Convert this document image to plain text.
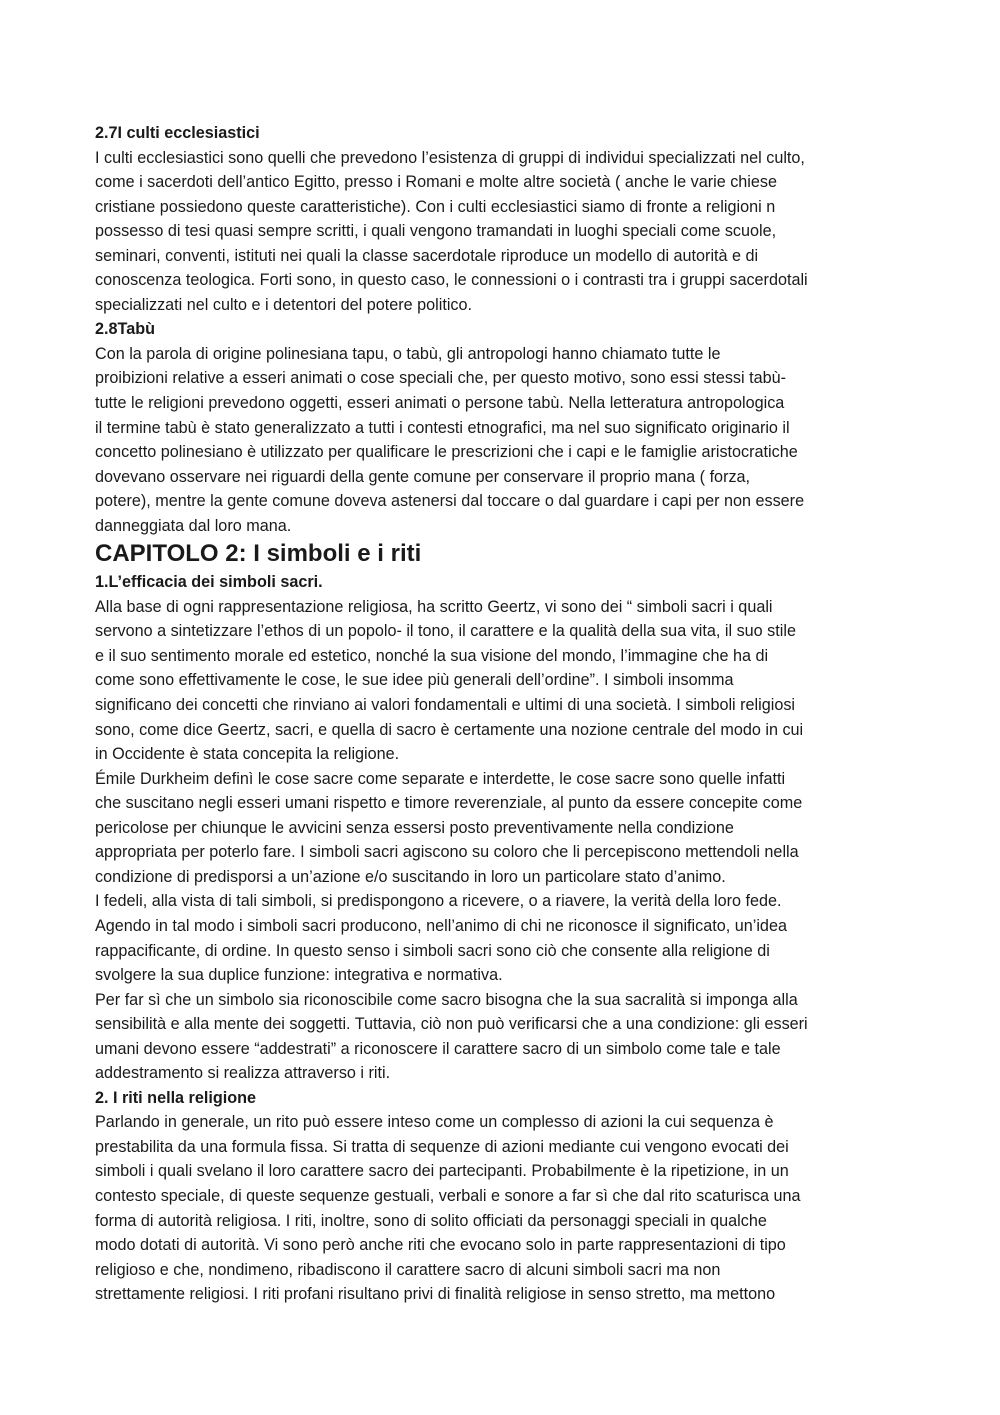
2.7I culti ecclesiastici
I culti ecclesiastici sono quelli che prevedono l’esistenza di gruppi di individui specializzati nel culto,
come i sacerdoti dell’antico Egitto, presso i Romani e molte altre società ( anche le varie chiese
cristiane possiedono queste caratteristiche). Con i culti ecclesiastici siamo di fronte a religioni n
possesso di tesi quasi sempre scritti, i quali vengono tramandati in luoghi speciali come scuole,
seminari, conventi, istituti nei quali la classe sacerdotale riproduce un modello di autorità e di
conoscenza teologica. Forti sono, in questo caso, le connessioni o i contrasti tra i gruppi sacerdotali
specializzati nel culto e i detentori del potere politico.
2.8Tabù
Con la parola di origine polinesiana tapu, o tabù, gli antropologi hanno chiamato tutte le
proibizioni relative a esseri animati o cose speciali che, per questo motivo, sono essi stessi tabù-
tutte le religioni prevedono oggetti, esseri animati o persone tabù. Nella letteratura antropologica
il termine tabù è stato generalizzato a tutti i contesti etnografici, ma nel suo significato originario il
concetto polinesiano è utilizzato per qualificare le prescrizioni che i capi e le famiglie aristocratiche
dovevano osservare nei riguardi della gente comune per conservare il proprio mana ( forza,
potere), mentre la gente comune doveva astenersi dal toccare o dal guardare i capi per non essere
danneggiata dal loro mana.
CAPITOLO 2: I simboli e i riti
1.L’efficacia dei simboli sacri.
Alla base di ogni rappresentazione religiosa, ha scritto Geertz, vi sono dei “ simboli sacri i quali
servono a sintetizzare l’ethos di un popolo- il tono, il carattere e la qualità della sua vita, il suo stile
e il suo sentimento morale ed estetico, nonché la sua visione del mondo, l’immagine che ha di
come sono effettivamente le cose, le sue idee più generali dell’ordine”. I simboli insomma
significano dei concetti che rinviano ai valori fondamentali e ultimi di una società. I simboli religiosi
sono, come dice Geertz, sacri, e quella di sacro è certamente una nozione centrale del modo in cui
in Occidente è stata concepita la religione.
Émile Durkheim definì le cose sacre come separate e interdette, le cose sacre sono quelle infatti
che suscitano negli esseri umani rispetto e timore reverenziale, al punto da essere concepite come
pericolose per chiunque le avvicini senza essersi posto preventivamente nella condizione
appropriata per poterlo fare. I simboli sacri agiscono su coloro che li percepiscono mettendoli nella
condizione di predisporsi a un’azione e/o suscitando in loro un particolare stato d’animo.
I fedeli, alla vista di tali simboli, si predispongono a ricevere, o a riavere, la verità della loro fede.
Agendo in tal modo i simboli sacri producono, nell’animo di chi ne riconosce il significato, un’idea
rappacificante, di ordine. In questo senso i simboli sacri sono ciò che consente alla religione di
svolgere la sua duplice funzione: integrativa e normativa.
Per far sì che un simbolo sia riconoscibile come sacro bisogna che la sua sacralità si imponga alla
sensibilità e alla mente dei soggetti. Tuttavia, ciò non può verificarsi che a una condizione: gli esseri
umani devono essere “addestrati” a riconoscere il carattere sacro di un simbolo come tale e tale
addestramento si realizza attraverso i riti.
2. I riti nella religione
Parlando in generale, un rito può essere inteso come un complesso di azioni la cui sequenza è
prestabilita da una formula fissa. Si tratta di sequenze di azioni mediante cui vengono evocati dei
simboli i quali svelano il loro carattere sacro dei partecipanti. Probabilmente è la ripetizione, in un
contesto speciale, di queste sequenze gestuali, verbali e sonore a far sì che dal rito scaturisca una
forma di autorità religiosa. I riti, inoltre, sono di solito officiati da personaggi speciali in qualche
modo dotati di autorità. Vi sono però anche riti che evocano solo in parte rappresentazioni di tipo
religioso e che, nondimeno, ribadiscono il carattere sacro di alcuni simboli sacri ma non
strettamente religiosi. I riti profani risultano privi di finalità religiose in senso stretto, ma mettono
